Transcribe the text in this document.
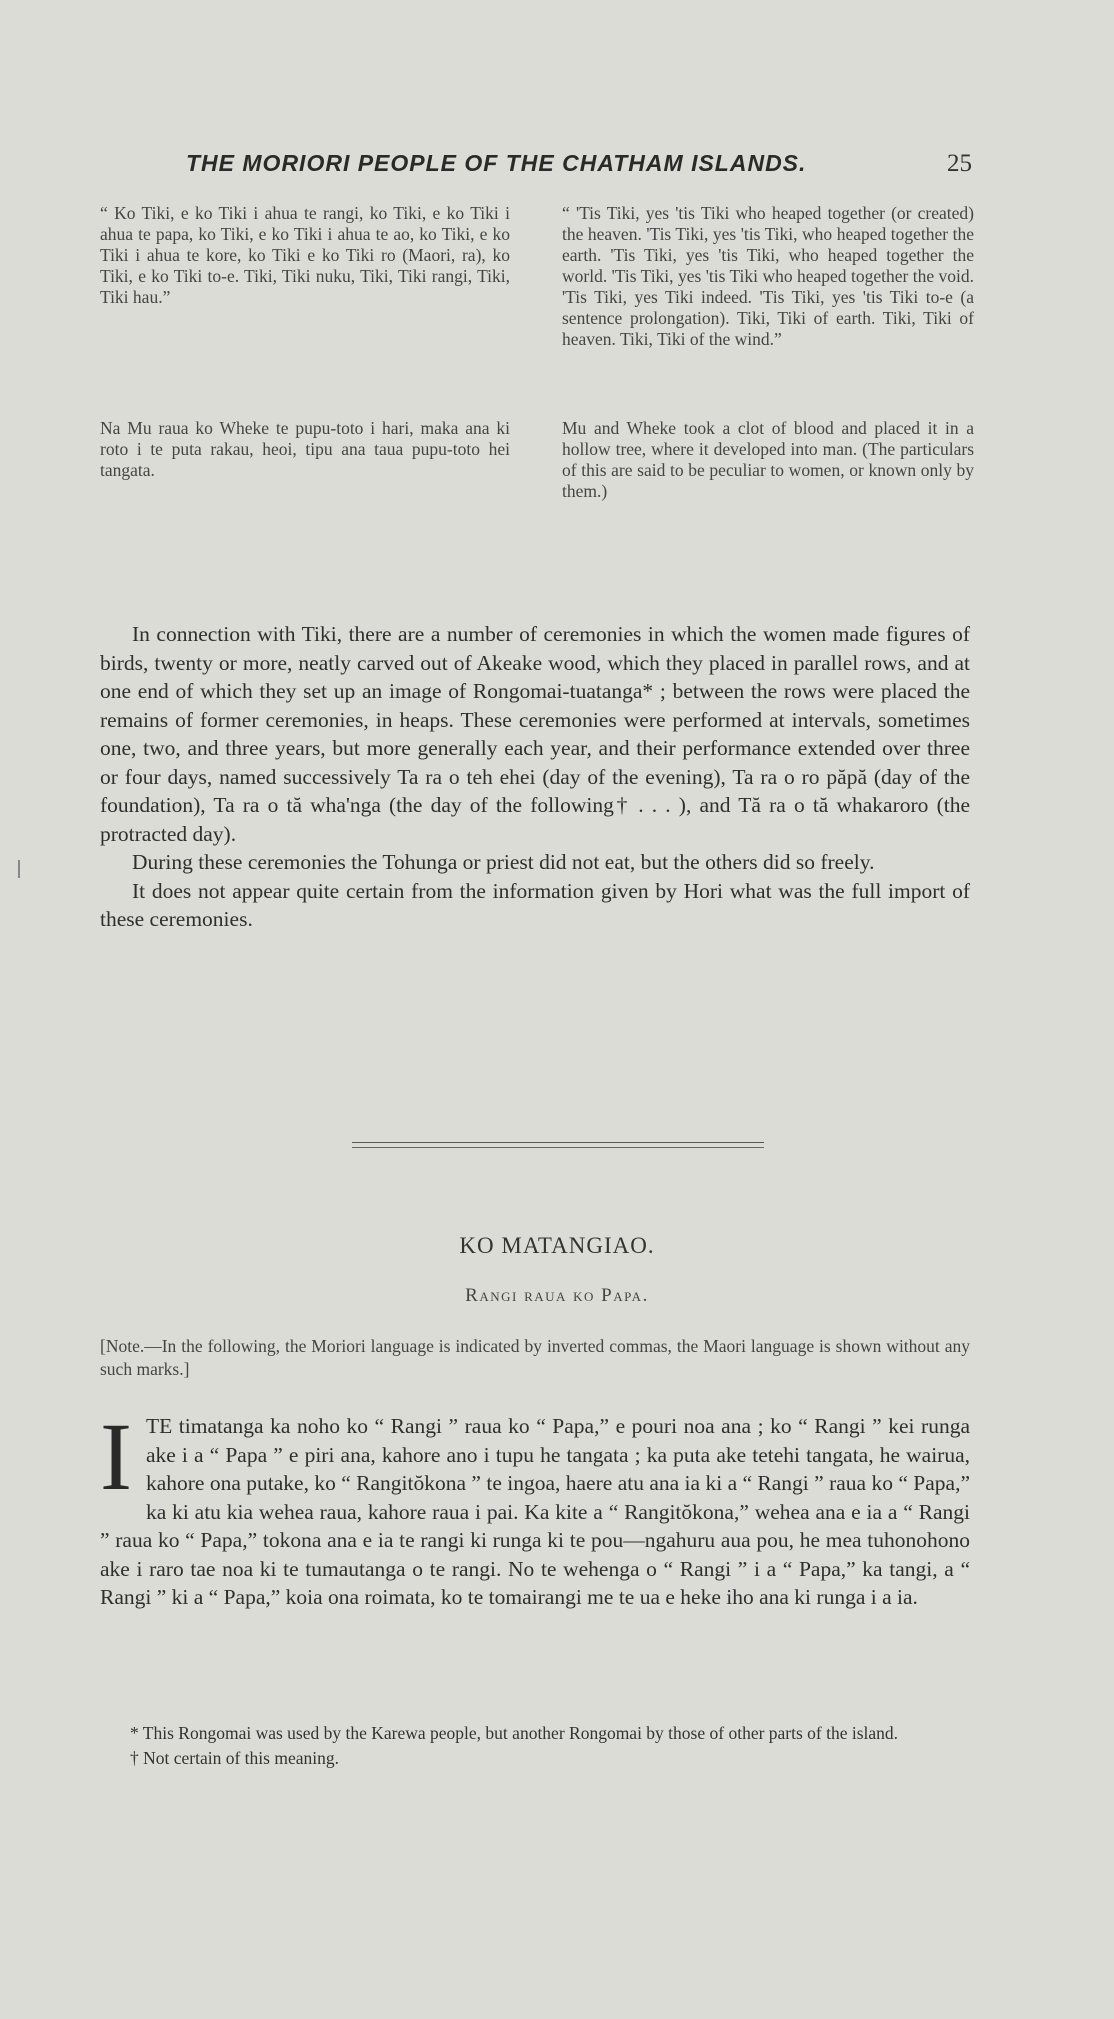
THE MORIORI PEOPLE OF THE CHATHAM ISLANDS.	25

“ Ko Tiki, e ko Tiki i ahua te rangi, ko Tiki, e ko Tiki i ahua te papa, ko Tiki, e ko Tiki i ahua te ao, ko Tiki, e ko Tiki i ahua te kore, ko Tiki e ko Tiki ro (Maori, ra), ko Tiki, e ko Tiki to-e. Tiki, Tiki nuku, Tiki, Tiki rangi, Tiki, Tiki hau.”

“ 'Tis Tiki, yes 'tis Tiki who heaped together (or created) the heaven. 'Tis Tiki, yes 'tis Tiki, who heaped together the earth. 'Tis Tiki, yes 'tis Tiki, who heaped together the world. 'Tis Tiki, yes 'tis Tiki who heaped together the void. 'Tis Tiki, yes Tiki indeed. 'Tis Tiki, yes 'tis Tiki to-e (a sentence prolongation). Tiki, Tiki of earth. Tiki, Tiki of heaven. Tiki, Tiki of the wind.”

Na Mu raua ko Wheke te pupu-toto i hari, maka ana ki roto i te puta rakau, heoi, tipu ana taua pupu-toto hei tangata.

Mu and Wheke took a clot of blood and placed it in a hollow tree, where it developed into man. (The particulars of this are said to be peculiar to women, or known only by them.)

In connection with Tiki, there are a number of ceremonies in which the women made figures of birds, twenty or more, neatly carved out of Akeake wood, which they placed in parallel rows, and at one end of which they set up an image of Rongomai-tuatanga* ; between the rows were placed the remains of former ceremonies, in heaps. These ceremonies were performed at intervals, sometimes one, two, and three years, but more generally each year, and their performance extended over three or four days, named successively Ta ra o teh ehei (day of the evening), Ta ra o ro păpă (day of the foundation), Ta ra o tă wha'nga (the day of the following† . . . ), and Tă ra o tă whakaroro (the protracted day).

During these ceremonies the Tohunga or priest did not eat, but the others did so freely.

It does not appear quite certain from the information given by Hori what was the full import of these ceremonies.

KO MATANGIAO.
Rangi raua ko Papa.
[Note.—In the following, the Moriori language is indicated by inverted commas, the Maori language is shown without any such marks.]
ITE timatanga ka noho ko “ Rangi ” raua ko “ Papa,” e pouri noa ana ; ko “ Rangi ” kei runga ake i a “ Papa ” e piri ana, kahore ano i tupu he tangata ; ka puta ake tetehi tangata, he wairua, kahore ona putake, ko “ Rangitŏkona ” te ingoa, haere atu ana ia ki a “ Rangi ” raua ko “ Papa,” ka ki atu kia wehea raua, kahore raua i pai. Ka kite a “ Rangitŏkona,” wehea ana e ia a “ Rangi ” raua ko “ Papa,” tokona ana e ia te rangi ki runga ki te pou—ngahuru aua pou, he mea tuhonohono ake i raro tae noa ki te tumautanga o te rangi. No te wehenga o “ Rangi ” i a “ Papa,” ka tangi, a “ Rangi ” ki a “ Papa,” koia ona roimata, ko te tomairangi me te ua e heke iho ana ki runga i a ia.

* This Rongomai was used by the Karewa people, but another Rongomai by those of other parts of the island.

† Not certain of this meaning.
